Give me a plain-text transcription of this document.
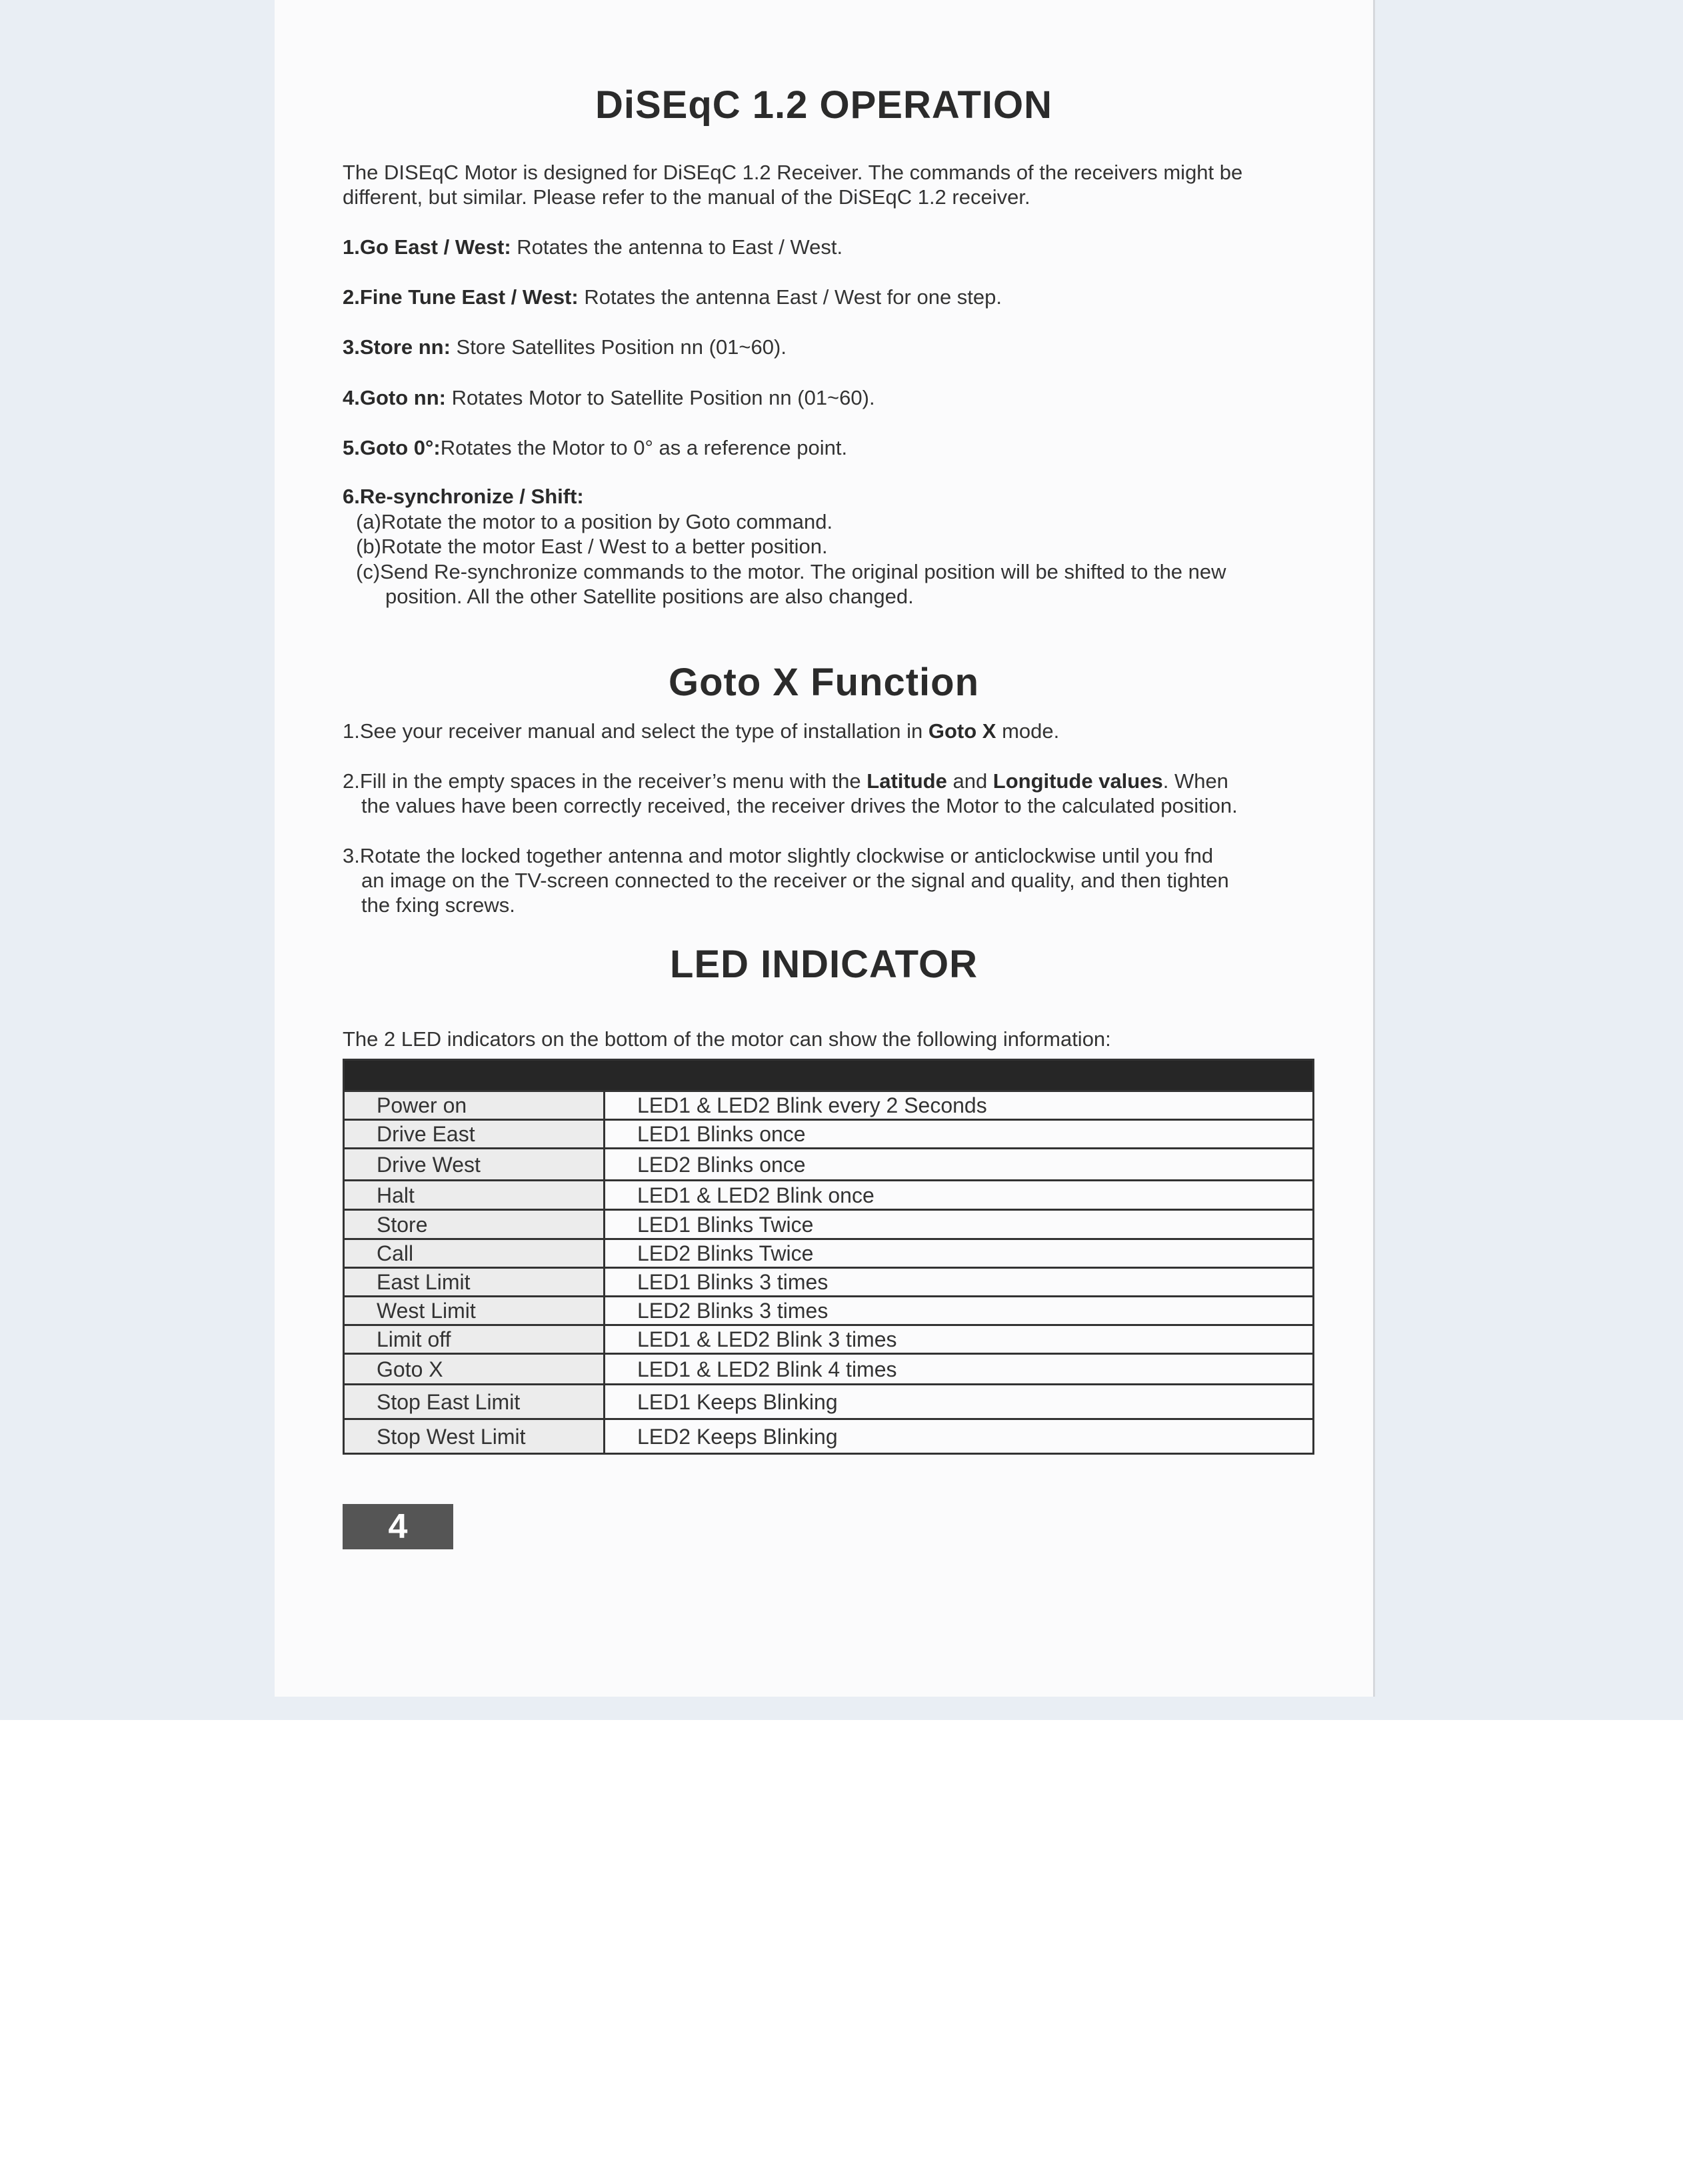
DiSEqC 1.2 OPERATION
The DISEqC Motor is designed for DiSEqC 1.2 Receiver. The commands of the receivers might be
different, but similar. Please refer to the manual of the DiSEqC 1.2 receiver.
1.Go East / West: Rotates the antenna to East / West.
2.Fine Tune East / West: Rotates the antenna East / West for one step.
3.Store nn: Store Satellites Position nn (01~60).
4.Goto nn: Rotates Motor to Satellite Position nn (01~60).
5.Goto 0°:Rotates the Motor to 0° as a reference point.
6.Re-synchronize / Shift:
(a)Rotate the motor to a position by Goto command.
(b)Rotate the motor East / West to a better position.
(c)Send Re-synchronize commands to the motor. The original position will be shifted to the new
position. All the other Satellite positions are also changed.
Goto X Function
1.See your receiver manual and select the type of installation in Goto X mode.
2.Fill in the empty spaces in the receiver’s menu with the Latitude and Longitude values. When
the values have been correctly received, the receiver drives the Motor to the calculated position.
3.Rotate the locked together antenna and motor slightly clockwise or anticlockwise until you fnd
an image on the TV-screen connected to the receiver or the signal and quality, and then tighten
the fxing screws.
LED INDICATOR
The 2 LED indicators on the bottom of the motor can show the following information:

Power on	LED1 & LED2 Blink every 2 Seconds
Drive East	LED1 Blinks once
Drive West	LED2 Blinks once
Halt	LED1 & LED2 Blink once
Store	LED1 Blinks Twice
Call	LED2 Blinks Twice
East Limit	LED1 Blinks 3 times
West Limit	LED2 Blinks 3 times
Limit off	LED1 & LED2 Blink 3 times
Goto X	LED1 & LED2 Blink 4 times
Stop East Limit	LED1 Keeps Blinking
Stop West Limit	LED2 Keeps Blinking
4
